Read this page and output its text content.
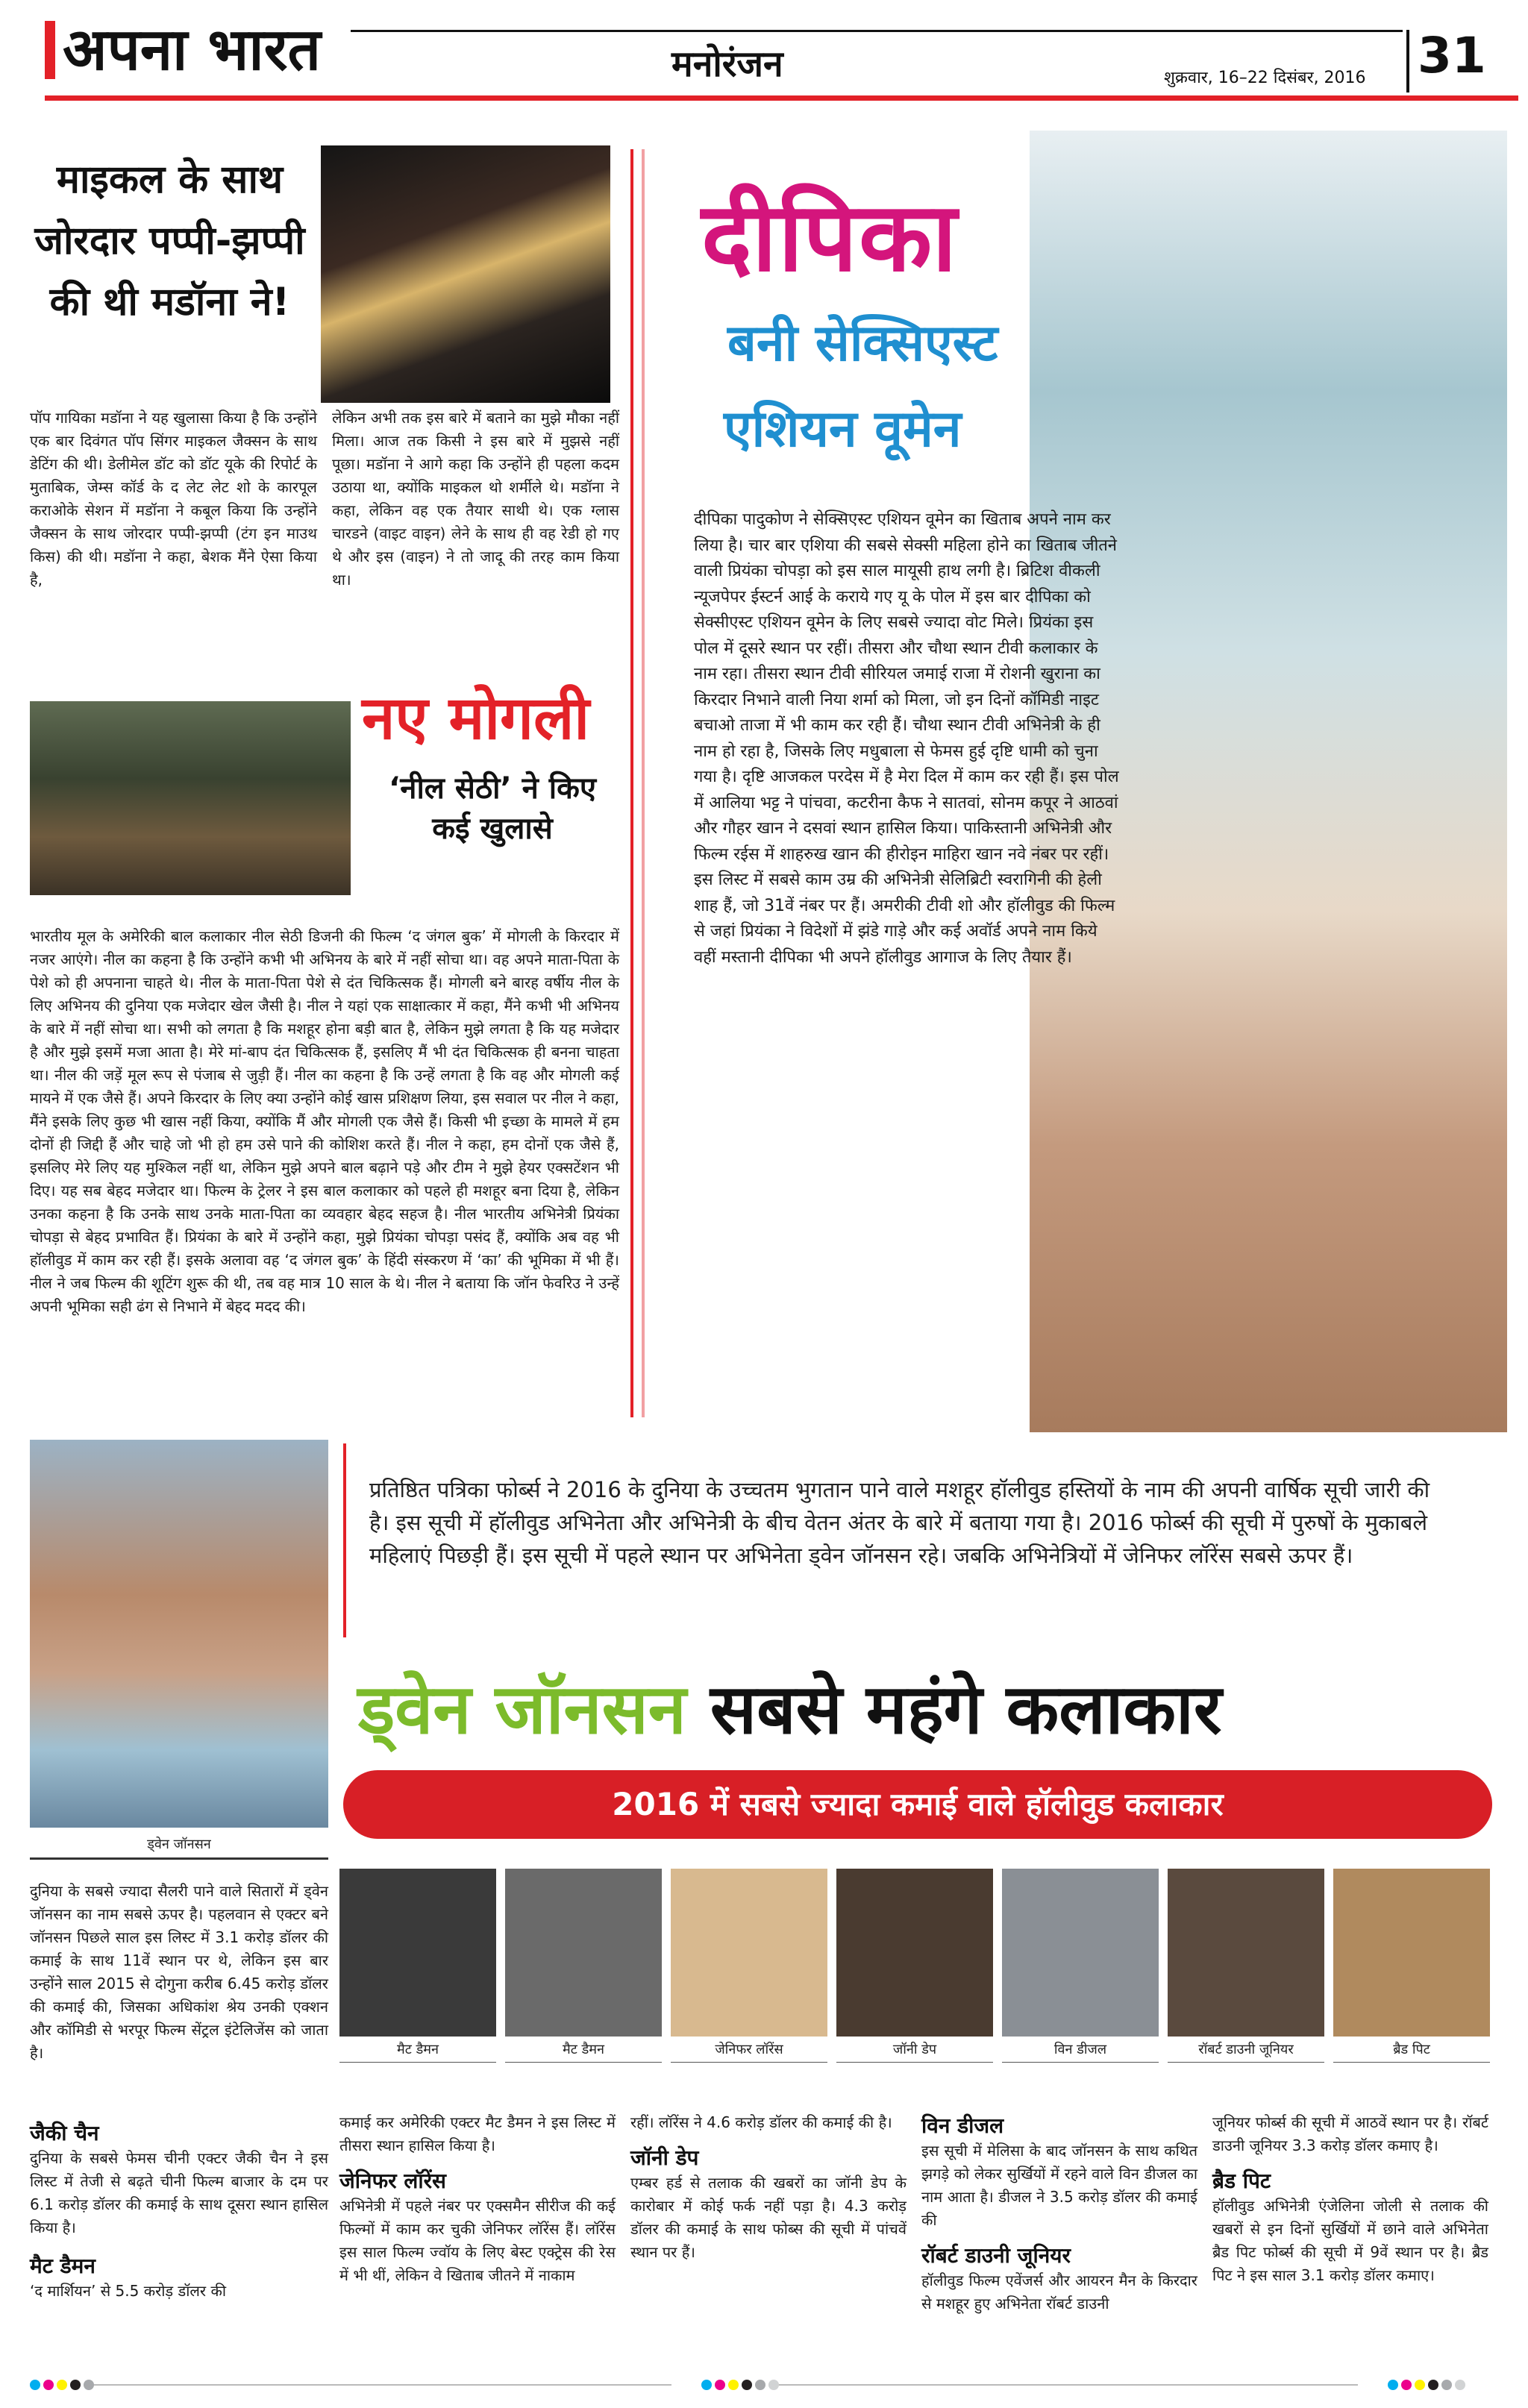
अपना भारत	मनोरंजन	शुक्रवार, 16–22 दिसंबर, 2016 31
माइकल के साथ जोरदार पप्पी-झप्पी की थी मडॉना ने!
पॉप गायिका मडॉना ने यह खुलासा किया है कि उन्होंने एक बार दिवंगत पॉप सिंगर माइकल जैक्सन के साथ डेटिंग की थी। डेलीमेल डॉट को डॉट यूके की रिपोर्ट के मुताबिक, जेम्स कॉर्ड के द लेट लेट शो के कारपूल कराओके सेशन में मडॉना ने कबूल किया कि उन्होंने जैक्सन के साथ जोरदार पप्पी-झप्पी (टंग इन माउथ किस) की थी। मडॉना ने कहा, बेशक मैंने ऐसा किया है,
लेकिन अभी तक इस बारे में बताने का मुझे मौका नहीं मिला। आज तक किसी ने इस बारे में मुझसे नहीं पूछा। मडॉना ने आगे कहा कि उन्होंने ही पहला कदम उठाया था, क्योंकि माइकल थो शर्मीले थे। मडॉना ने कहा, लेकिन वह एक तैयार साथी थे। एक ग्लास चारडने (वाइट वाइन) लेने के साथ ही वह रेडी हो गए थे और इस (वाइन) ने तो जादू की तरह काम किया था।
नए मोगली
‘नील सेठी’ ने किए कई खुलासे
भारतीय मूल के अमेरिकी बाल कलाकार नील सेठी डिजनी की फिल्म ‘द जंगल बुक’ में मोगली के किरदार में नजर आएंगे। नील का कहना है कि उन्होंने कभी भी अभिनय के बारे में नहीं सोचा था। वह अपने माता-पिता के पेशे को ही अपनाना चाहते थे। नील के माता-पिता पेशे से दंत चिकित्सक हैं। मोगली बने बारह वर्षीय नील के लिए अभिनय की दुनिया एक मजेदार खेल जैसी है। नील ने यहां एक साक्षात्कार में कहा, मैंने कभी भी अभिनय के बारे में नहीं सोचा था। सभी को लगता है कि मशहूर होना बड़ी बात है, लेकिन मुझे लगता है कि यह मजेदार है और मुझे इसमें मजा आता है। मेरे मां-बाप दंत चिकित्सक हैं, इसलिए मैं भी दंत चिकित्सक ही बनना चाहता था। नील की जड़ें मूल रूप से पंजाब से जुड़ी हैं। नील का कहना है कि उन्हें लगता है कि वह और मोगली कई मायने में एक जैसे हैं। अपने किरदार के लिए क्या उन्होंने कोई खास प्रशिक्षण लिया, इस सवाल पर नील ने कहा, मैंने इसके लिए कुछ भी खास नहीं किया, क्योंकि मैं और मोगली एक जैसे हैं। किसी भी इच्छा के मामले में हम दोनों ही जिद्दी हैं और चाहे जो भी हो हम उसे पाने की कोशिश करते हैं। नील ने कहा, हम दोनों एक जैसे हैं, इसलिए मेरे लिए यह मुश्किल नहीं था, लेकिन मुझे अपने बाल बढ़ाने पड़े और टीम ने मुझे हेयर एक्सटेंशन भी दिए। यह सब बेहद मजेदार था। फिल्म के ट्रेलर ने इस बाल कलाकार को पहले ही मशहूर बना दिया है, लेकिन उनका कहना है कि उनके साथ उनके माता-पिता का व्यवहार बेहद सहज है। नील भारतीय अभिनेत्री प्रियंका चोपड़ा से बेहद प्रभावित हैं। प्रियंका के बारे में उन्होंने कहा, मुझे प्रियंका चोपड़ा पसंद हैं, क्योंकि अब वह भी हॉलीवुड में काम कर रही हैं। इसके अलावा वह ‘द जंगल बुक’ के हिंदी संस्करण में ‘का’ की भूमिका में भी हैं।नील ने जब फिल्म की शूटिंग शुरू की थी, तब वह मात्र 10 साल के थे। नील ने बताया कि जॉन फेवरिउ ने उन्हें अपनी भूमिका सही ढंग से निभाने में बेहद मदद की।
दीपिका
बनी सेक्सिएस्ट
एशियन वूमेन
दीपिका पादुकोण ने सेक्सिएस्ट एशियन वूमेन का खिताब अपने नाम कर लिया है। चार बार एशिया की सबसे सेक्सी महिला होने का खिताब जीतने वाली प्रियंका चोपड़ा को इस साल मायूसी हाथ लगी है। ब्रिटिश वीकली न्यूजपेपर ईस्टर्न आई के कराये गए यू के पोल में इस बार दीपिका को सेक्सीएस्ट एशियन वूमेन के लिए सबसे ज्यादा वोट मिले। प्रियंका इस पोल में दूसरे स्थान पर रहीं। तीसरा और चौथा स्थान टीवी कलाकार के नाम रहा। तीसरा स्थान टीवी सीरियल जमाई राजा में रोशनी खुराना का किरदार निभाने वाली निया शर्मा को मिला, जो इन दिनों कॉमिडी नाइट बचाओ ताजा में भी काम कर रही हैं। चौथा स्थान टीवी अभिनेत्री के ही नाम हो रहा है, जिसके लिए मधुबाला से फेमस हुई दृष्टि धामी को चुना गया है। दृष्टि आजकल परदेस में है मेरा दिल में काम कर रही हैं। इस पोल में आलिया भट्ट ने पांचवा, कटरीना कैफ ने सातवां, सोनम कपूर ने आठवां और गौहर खान ने दसवां स्थान हासिल किया। पाकिस्तानी अभिनेत्री और फिल्म रईस में शाहरुख खान की हीरोइन माहिरा खान नवे नंबर पर रहीं। इस लिस्ट में सबसे काम उम्र की अभिनेत्री सेलिब्रिटी स्वरागिनी की हेली शाह हैं, जो 31वें नंबर पर हैं। अमरीकी टीवी शो और हॉलीवुड की फिल्म से जहां प्रियंका ने विदेशों में झंडे गाड़े और कई अवॉर्ड अपने नाम किये वहीं मस्तानी दीपिका भी अपने हॉलीवुड आगाज के लिए तैयार हैं।
ड्वेन जॉनसन
प्रतिष्ठित पत्रिका फोर्ब्स ने 2016 के दुनिया के उच्चतम भुगतान पाने वाले मशहूर हॉलीवुड हस्तियों के नाम की अपनी वार्षिक सूची जारी की है। इस सूची में हॉलीवुड अभिनेता और अभिनेत्री के बीच वेतन अंतर के बारे में बताया गया है। 2016 फोर्ब्स की सूची में पुरुषों के मुकाबले महिलाएं पिछड़ी हैं। इस सूची में पहले स्थान पर अभिनेता ड्वेन जॉनसन रहे। जबकि अभिनेत्रियों में जेनिफर लॉरेंस सबसे ऊपर हैं।
ड्वेन जॉनसन सबसे महंगे कलाकार
2016 में सबसे ज्यादा कमाई वाले हॉलीवुड कलाकार
दुनिया के सबसे ज्यादा सैलरी पाने वाले सितारों में ड्वेन जॉनसन का नाम सबसे ऊपर है। पहलवान से एक्टर बने जॉनसन पिछले साल इस लिस्ट में 3.1 करोड़ डॉलर की कमाई के साथ 11वें स्थान पर थे, लेकिन इस बार उन्होंने साल 2015 से दोगुना करीब 6.45 करोड़ डॉलर की कमाई की, जिसका अधिकांश श्रेय उनकी एक्शन और कॉमिडी से भरपूर फिल्म सेंट्रल इंटेलिजेंस को जाता है।	मैट डैमन	मैट डैमन	जेनिफर लॉरेंस	जॉनी डेप	विन डीजल	रॉबर्ट डाउनी जूनियर	ब्रैड पिट
जैकी चैन
दुनिया के सबसे फेमस चीनी एक्टर जैकी चैन ने इस लिस्ट में तेजी से बढ़ते चीनी फिल्म बाजार के दम पर 6.1 करोड़ डॉलर की कमाई के साथ दूसरा स्थान हासिल किया है।
मैट डैमन
‘द मार्शियन’ से 5.5 करोड़ डॉलर की
कमाई कर अमेरिकी एक्टर मैट डैमन ने इस लिस्ट में तीसरा स्थान हासिल किया है।
जेनिफर लॉरेंस
अभिनेत्री में पहले नंबर पर एक्समैन सीरीज की कई फिल्मों में काम कर चुकी जेनिफर लॉरेंस हैं। लॉरेंस इस साल फिल्म ज्वॉय के लिए बेस्ट एक्ट्रेस की रेस में भी थीं, लेकिन वे खिताब जीतने में नाकाम
रहीं। लॉरेंस ने 4.6 करोड़ डॉलर की कमाई की है।
जॉनी डेप
एम्बर हर्ड से तलाक की खबरों का जॉनी डेप के कारोबार में कोई फर्क नहीं पड़ा है। 4.3 करोड़ डॉलर की कमाई के साथ फोब्स की सूची में पांचवें स्थान पर हैं।
विन डीजल
इस सूची में मेलिसा के बाद जॉनसन के साथ कथित झगड़े को लेकर सुर्खियों में रहने वाले विन डीजल का नाम आता है। डीजल ने 3.5 करोड़ डॉलर की कमाई की
रॉबर्ट डाउनी जूनियर
हॉलीवुड फिल्म एवेंजर्स और आयरन मैन के किरदार से मशहूर हुए अभिनेता रॉबर्ट डाउनी
जूनियर फोर्ब्स की सूची में आठवें स्थान पर है। रॉबर्ट डाउनी जूनियर 3.3 करोड़ डॉलर कमाए है।
ब्रैड पिट
हॉलीवुड अभिनेत्री एंजेलिना जोली से तलाक की खबरों से इन दिनों सुर्खियों में छाने वाले अभिनेता ब्रैड पिट फोर्ब्स की सूची में 9वें स्थान पर है। ब्रैड पिट ने इस साल 3.1 करोड़ डॉलर कमाए।
